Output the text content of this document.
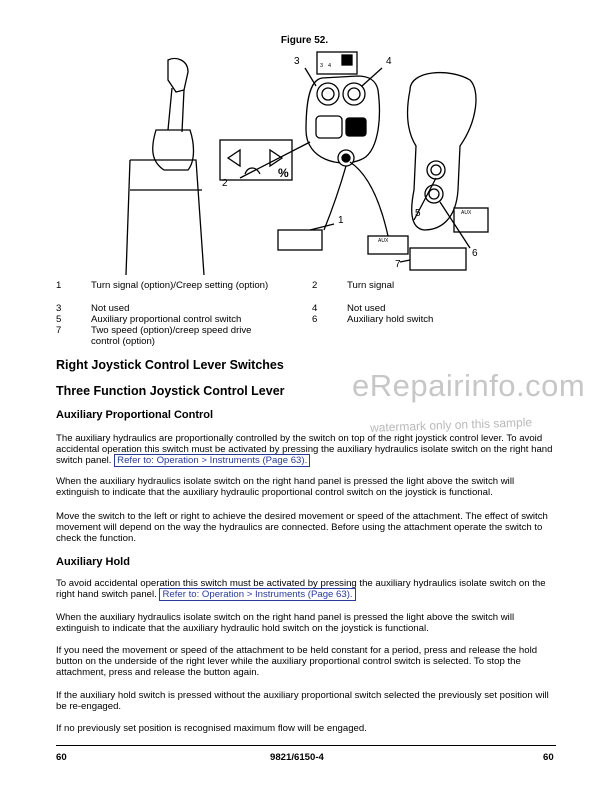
Figure 52.
3	4
2
1
5
6
7
3 4
%
AUX
AUX
1	Turn signal (option)/Creep setting (option)	2	Turn signal
3	Not used	4	Not used
5	Auxiliary proportional control switch	6	Auxiliary hold switch
7	Two speed (option)/creep speed drive control (option)
Right Joystick Control Lever Switches
Three Function Joystick Control Lever
Auxiliary Proportional Control

The auxiliary hydraulics are proportionally controlled by the switch on top of the right joystick control lever. To avoid accidental operation this switch must be activated by pressing the auxiliary hydraulics isolate switch on the right hand switch panel. Refer to: Operation > Instruments (Page 63).

When the auxiliary hydraulics isolate switch on the right hand panel is pressed the light above the switch will extinguish to indicate that the auxiliary hydraulic proportional control switch on the joystick is functional.

Move the switch to the left or right to achieve the desired movement or speed of the attachment. The effect of switch movement will depend on the way the hydraulics are connected. Before using the attachment operate the switch to check the function.

Auxiliary Hold

To avoid accidental operation this switch must be activated by pressing the auxiliary hydraulics isolate switch on the right hand switch panel. Refer to: Operation > Instruments (Page 63).

When the auxiliary hydraulics isolate switch on the right hand panel is pressed the light above the switch will extinguish to indicate that the auxiliary hydraulic hold switch on the joystick is functional.

If you need the movement or speed of the attachment to be held constant for a period, press and release the hold button on the underside of the right lever while the auxiliary proportional control switch is selected. To stop the attachment, press and release the button again.

If the auxiliary hold switch is pressed without the auxiliary proportional switch selected the previously set position will be re-engaged.

If no previously set position is recognised maximum flow will be engaged.

eRepairinfo.com
watermark only on this sample
60	9821/6150-4	60
